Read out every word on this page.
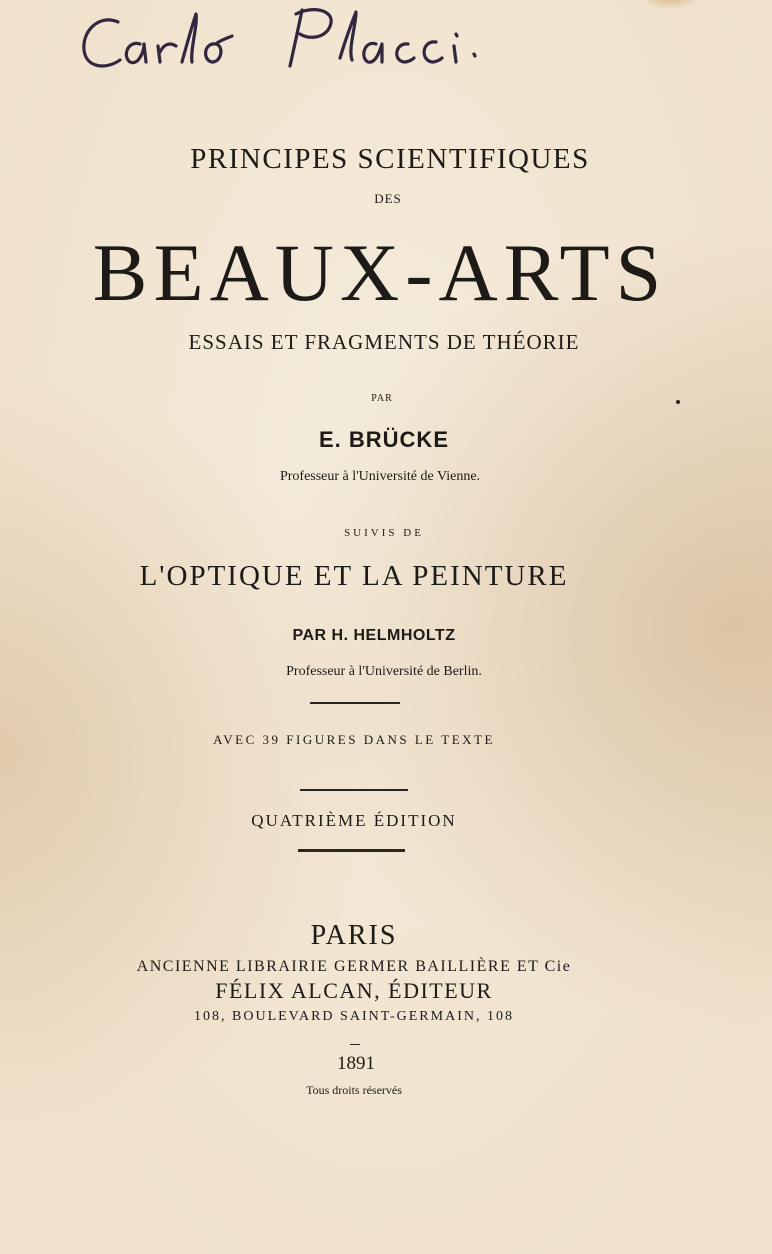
PRINCIPES SCIENTIFIQUES
DES
BEAUX-ARTS
ESSAIS ET FRAGMENTS DE THÉORIE
PAR
E. BRÜCKE
Professeur à l'Université de Vienne.
SUIVIS DE
L'OPTIQUE ET LA PEINTURE
PAR H. HELMHOLTZ
Professeur à l'Université de Berlin.
AVEC 39 FIGURES DANS LE TEXTE
QUATRIÈME ÉDITION
PARIS
ANCIENNE LIBRAIRIE GERMER BAILLIÈRE ET Cie
FÉLIX ALCAN, ÉDITEUR
108, BOULEVARD SAINT-GERMAIN, 108
1891
Tous droits réservés
